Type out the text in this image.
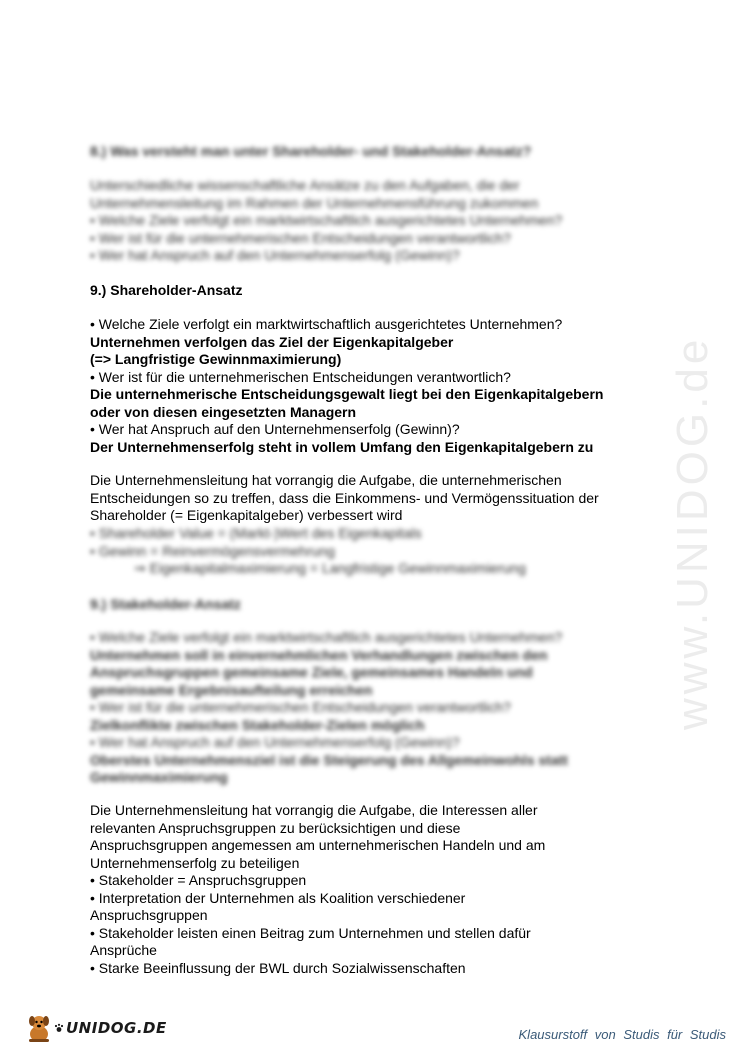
www.UNIDOG.de
8.) Was versteht man unter Shareholder- und Stakeholder-Ansatz?
Unterschiedliche wissenschaftliche Ansätze zu den Aufgaben, die der
Unternehmensleitung im Rahmen der Unternehmensführung zukommen
• Welche Ziele verfolgt ein marktwirtschaftlich ausgerichtetes Unternehmen?
• Wer ist für die unternehmerischen Entscheidungen verantwortlich?
• Wer hat Anspruch auf den Unternehmenserfolg (Gewinn)?
9.) Shareholder-Ansatz
• Welche Ziele verfolgt ein marktwirtschaftlich ausgerichtetes Unternehmen?
Unternehmen verfolgen das Ziel der Eigenkapitalgeber
(=> Langfristige Gewinnmaximierung)
• Wer ist für die unternehmerischen Entscheidungen verantwortlich?
Die unternehmerische Entscheidungsgewalt liegt bei den Eigenkapitalgebern
oder von diesen eingesetzten Managern
• Wer hat Anspruch auf den Unternehmenserfolg (Gewinn)?
Der Unternehmenserfolg steht in vollem Umfang den Eigenkapitalgebern zu
Die Unternehmensleitung hat vorrangig die Aufgabe, die unternehmerischen
Entscheidungen so zu treffen, dass die Einkommens- und Vermögenssituation der
Shareholder (= Eigenkapitalgeber) verbessert wird
• Shareholder Value = (Markt-)Wert des Eigenkapitals
• Gewinn = Reinvermögensvermehrung
⇒ Eigenkapitalmaximierung = Langfristige Gewinnmaximierung
9.) Stakeholder-Ansatz
• Welche Ziele verfolgt ein marktwirtschaftlich ausgerichtetes Unternehmen?
Unternehmen soll in einvernehmlichen Verhandlungen zwischen den
Anspruchsgruppen gemeinsame Ziele, gemeinsames Handeln und
gemeinsame Ergebnisaufteilung erreichen
• Wer ist für die unternehmerischen Entscheidungen verantwortlich?
Zielkonflikte zwischen Stakeholder-Zielen möglich
• Wer hat Anspruch auf den Unternehmenserfolg (Gewinn)?
Oberstes Unternehmensziel ist die Steigerung des Allgemeinwohls statt
Gewinnmaximierung
Die Unternehmensleitung hat vorrangig die Aufgabe, die Interessen aller
relevanten Anspruchsgruppen zu berücksichtigen und diese
Anspruchsgruppen angemessen am unternehmerischen Handeln und am
Unternehmenserfolg zu beteiligen
• Stakeholder = Anspruchsgruppen
• Interpretation der Unternehmen als Koalition verschiedener
Anspruchsgruppen
• Stakeholder leisten einen Beitrag zum Unternehmen und stellen dafür
Ansprüche
• Starke Beeinflussung der BWL durch Sozialwissenschaften
UNIDOG.DE	Klausurstoff von Studis für Studis
